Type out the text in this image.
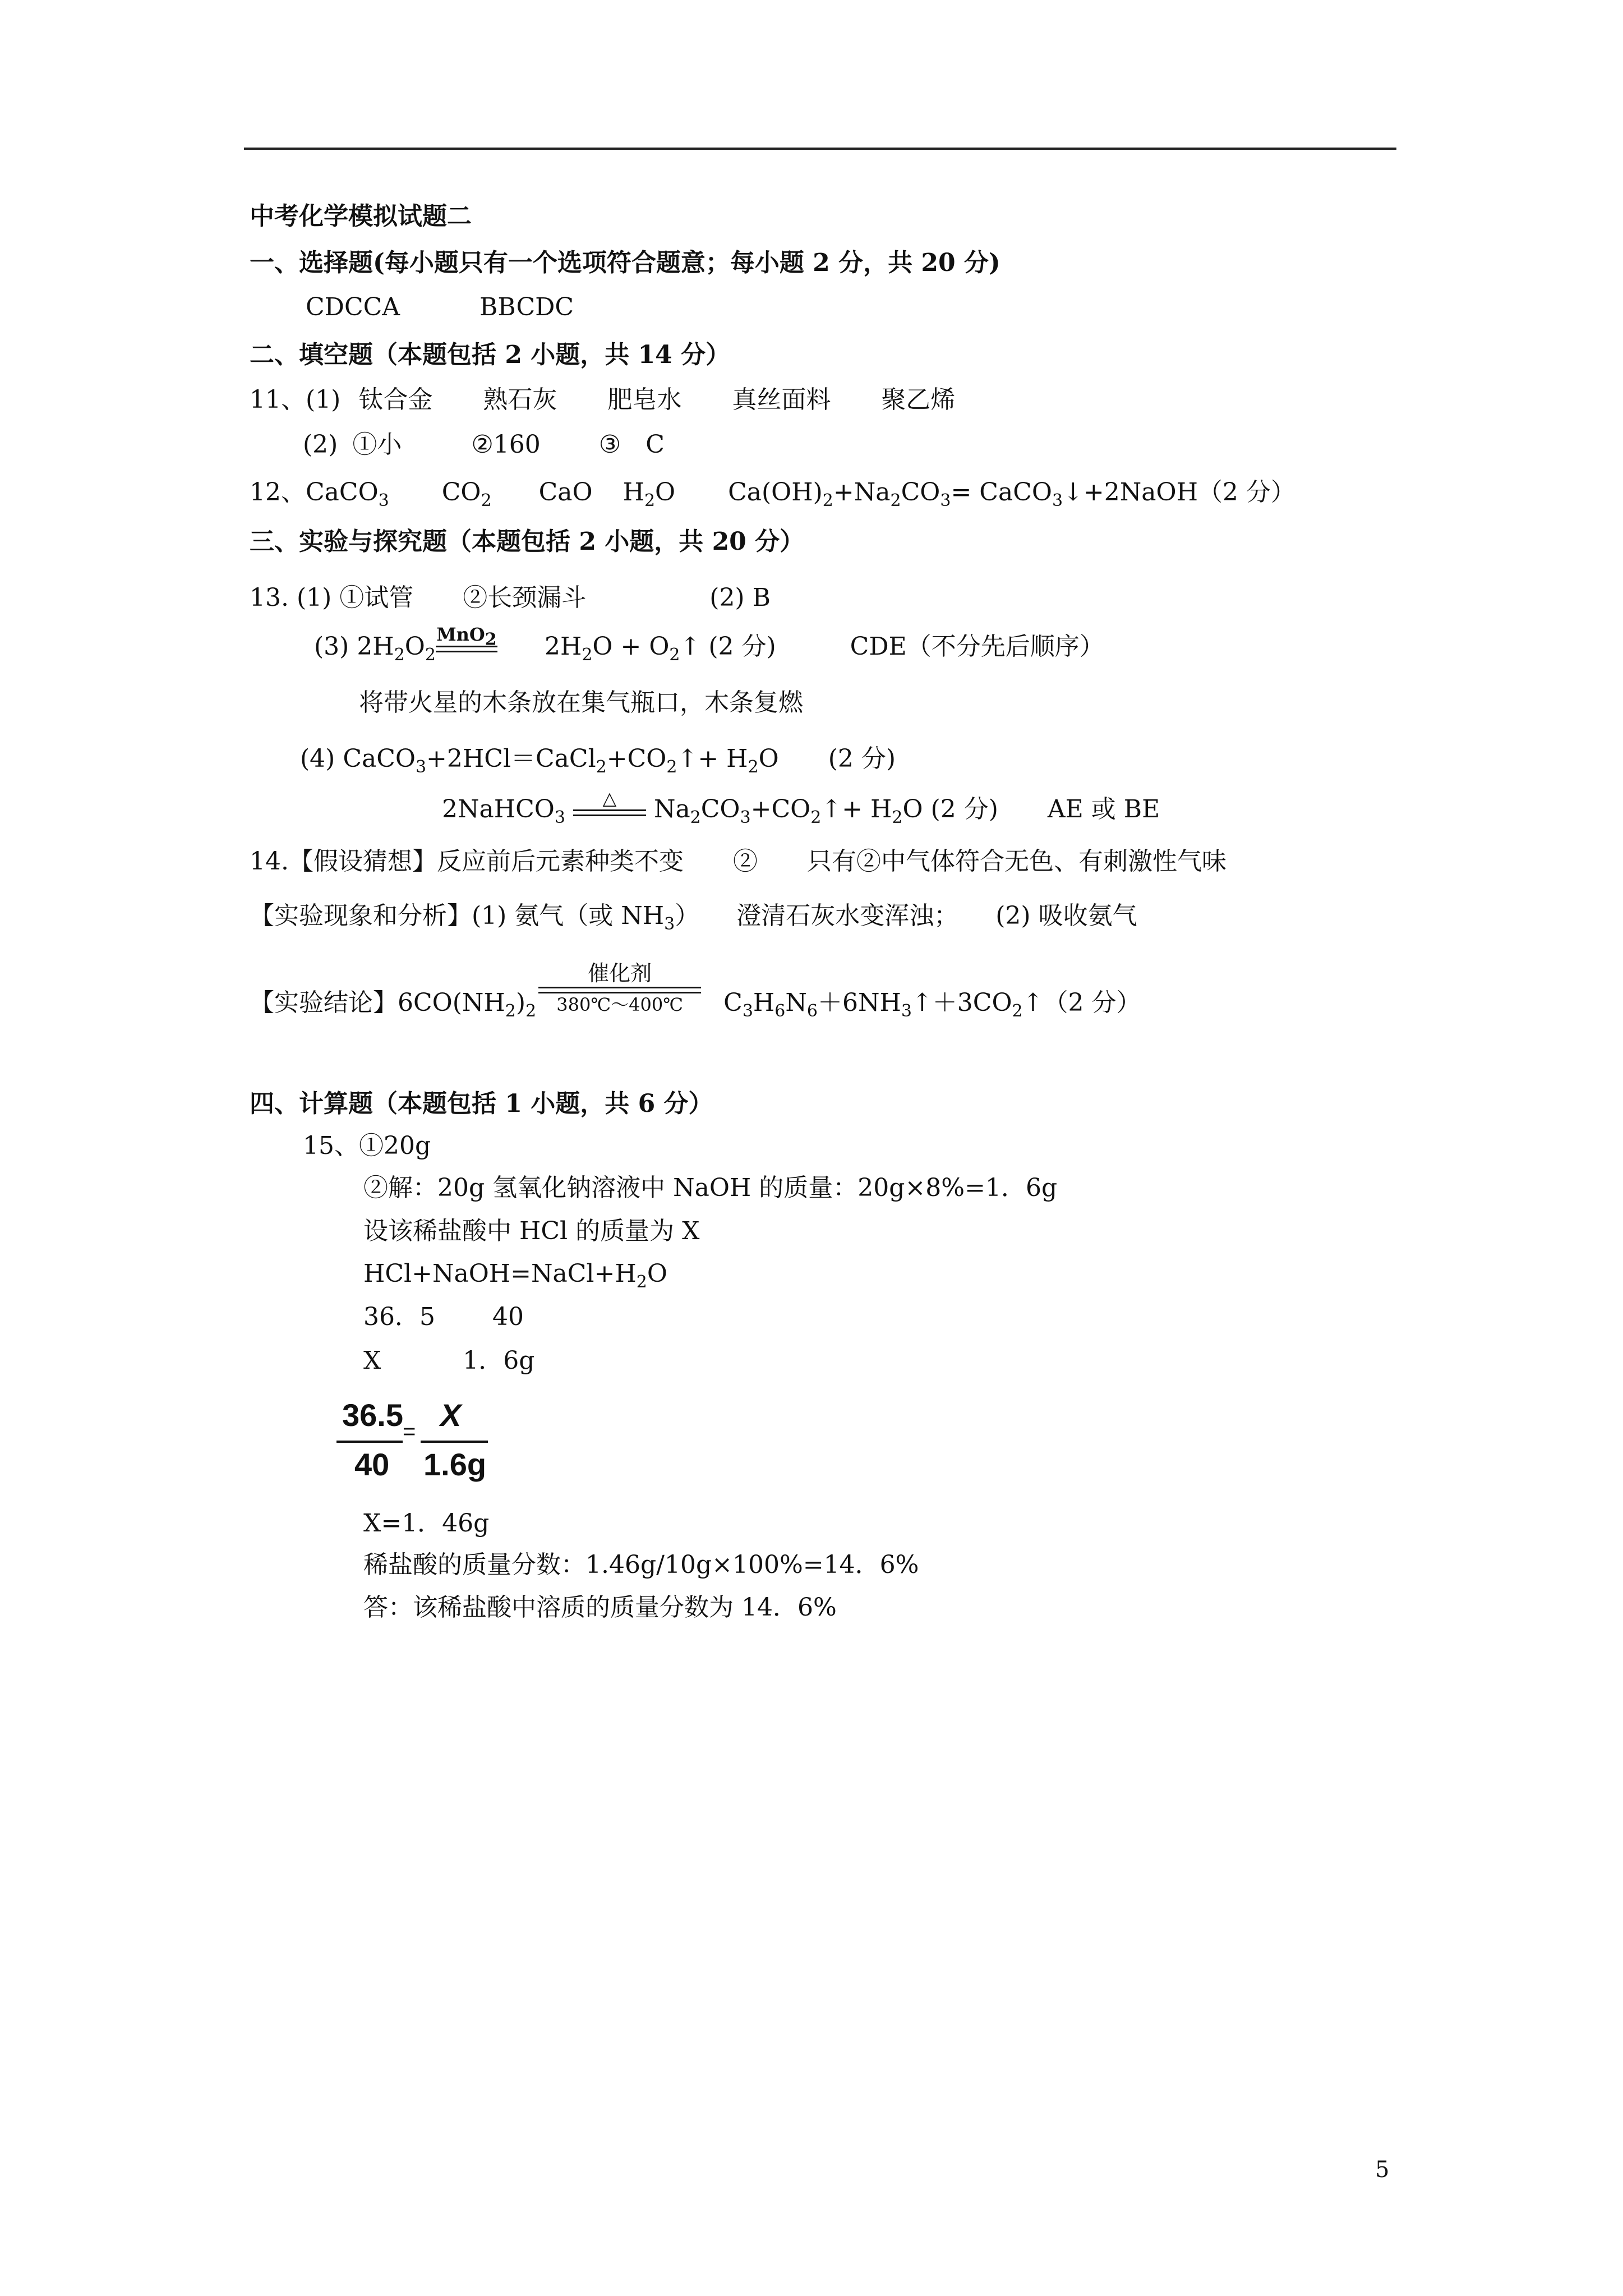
中考化学模拟试题二
一、选择题(每小题只有一个选项符合题意；每小题 2 分，共 20 分)
CDCCA	BBCDC
二、填空题（本题包括 2 小题，共 14 分）
11、(1) 钛合金 熟石灰 肥皂水 真丝面料 聚乙烯
(2) ①小	②160 ③　C
12、CaCO$_3$ $CO_2$ CaO $H_2O$ $Ca(OH)_2+Na_2CO_3=$ CaCO$_3$↓+2NaOH（2 分）
三、实验与探究题（本题包括 2 小题，共 20 分）
13. (1) ①试管　　②长颈漏斗　　　　　(2) B
(3) $2H_2O_2$
MnO$_2$ $2H_2O$ + $O_2↑$ (2 分)　　　CDE（不分先后顺序）
将带火星的木条放在集气瓶口，木条复燃
(4) $CaCO_3+2HCl=CaCl_2+CO_2↑+ H_2O$　　(2 分)
2NaHCO$_3$
△	$Na_2CO_3+CO_2↑+ H_2O$ (2 分)　　AE 或 BE
14.【假设猜想】反应前后元素种类不变　　②　　只有②中气体符合无色、有刺激性气味
【实验现象和分析】(1) 氨气（或 $NH_3$）　　澄清石灰水变浑浊；　　(2) 吸收氨气
【实验结论】$6CO(NH_2)_2$
催化剂
380℃～400℃	$C_3H_6N_6+6NH_3↑+3CO_2↑(2$ 分）
四、计算题（本题包括 1 小题，共 6 分）
15、①20g
②解：20g 氢氧化钠溶液中 NaOH 的质量：20g×8%=1．6g
设该稀盐酸中 HCl 的质量为 X
$HCl+NaOH=NaCl+H_2O$
36．5　　 40
X　　　 1．6g
36.5
40
= X
1.6g
X=1．46g
稀盐酸的质量分数：1.46g/10g×100%=14．6%
答：该稀盐酸中溶质的质量分数为 14．6%
5
